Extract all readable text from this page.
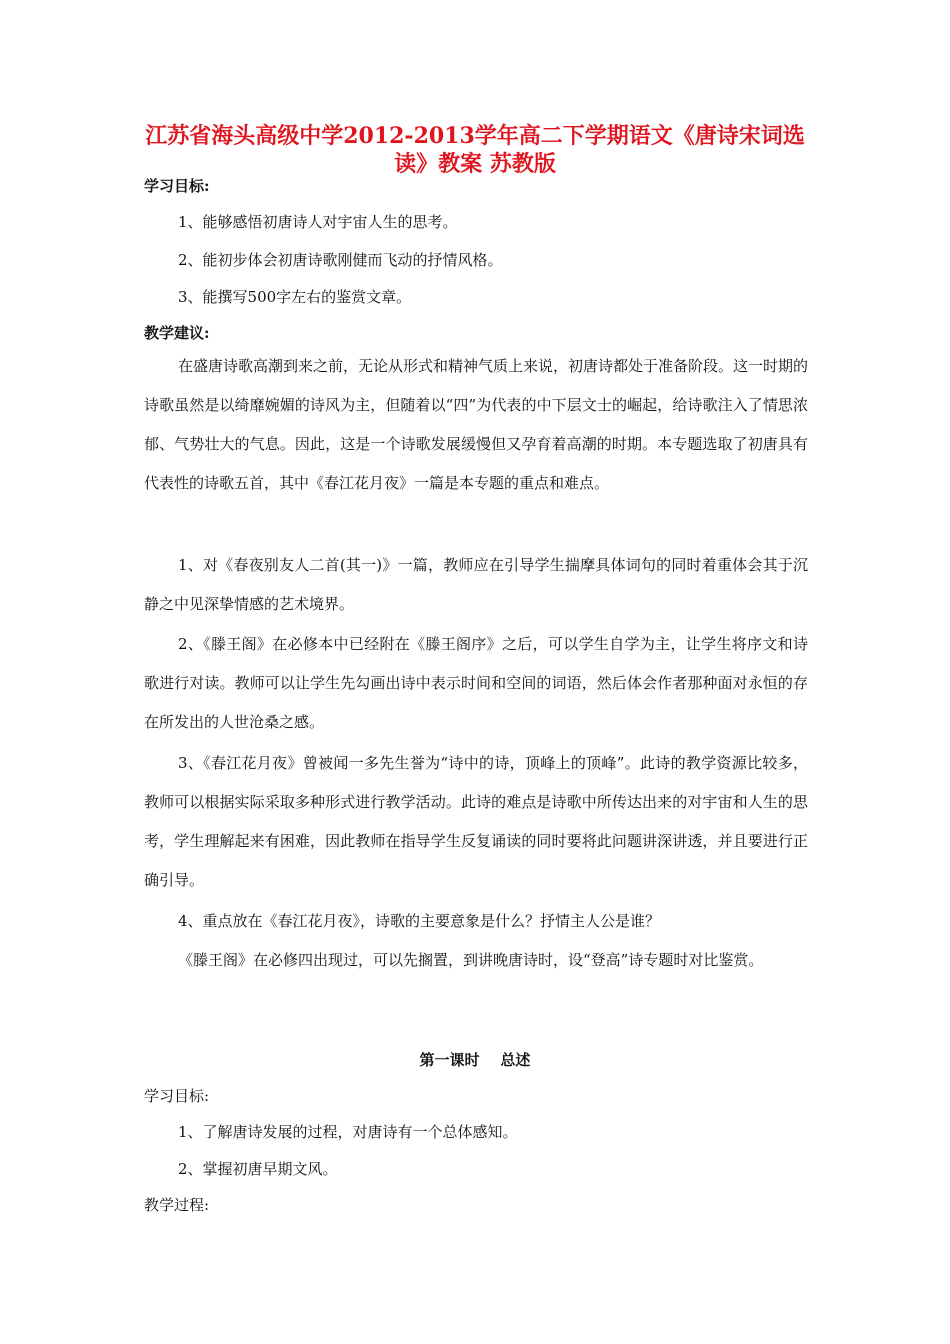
江苏省海头高级中学2012-2013学年高二下学期语文《唐诗宋词选读》教案 苏教版
学习目标:
1、能够感悟初唐诗人对宇宙人生的思考。
2、能初步体会初唐诗歌刚健而飞动的抒情风格。
3、能撰写500字左右的鉴赏文章。
教学建议:

在盛唐诗歌高潮到来之前，无论从形式和精神气质上来说，初唐诗都处于准备阶段。这一时期的诗歌虽然是以绮靡婉媚的诗风为主，但随着以“四”为代表的中下层文士的崛起，给诗歌注入了情思浓郁、气势壮大的气息。因此，这是一个诗歌发展缓慢但又孕育着高潮的时期。本专题选取了初唐具有代表性的诗歌五首，其中《春江花月夜》一篇是本专题的重点和难点。

1、对《春夜别友人二首(其一)》一篇，教师应在引导学生揣摩具体词句的同时着重体会其于沉静之中见深挚情感的艺术境界。

2、《滕王阁》在必修本中已经附在《滕王阁序》之后，可以学生自学为主，让学生将序文和诗歌进行对读。教师可以让学生先勾画出诗中表示时间和空间的词语，然后体会作者那种面对永恒的存在所发出的人世沧桑之感。

3、《春江花月夜》曾被闻一多先生誉为“诗中的诗，顶峰上的顶峰”。此诗的教学资源比较多，教师可以根据实际采取多种形式进行教学活动。此诗的难点是诗歌中所传达出来的对宇宙和人生的思考，学生理解起来有困难，因此教师在指导学生反复诵读的同时要将此问题讲深讲透，并且要进行正确引导。

4、重点放在《春江花月夜》，诗歌的主要意象是什么？抒情主人公是谁？

《滕王阁》在必修四出现过，可以先搁置，到讲晚唐诗时，设“登高”诗专题时对比鉴赏。

第一课时    总述
学习目标:
1、了解唐诗发展的过程，对唐诗有一个总体感知。
2、掌握初唐早期文风。
教学过程:
